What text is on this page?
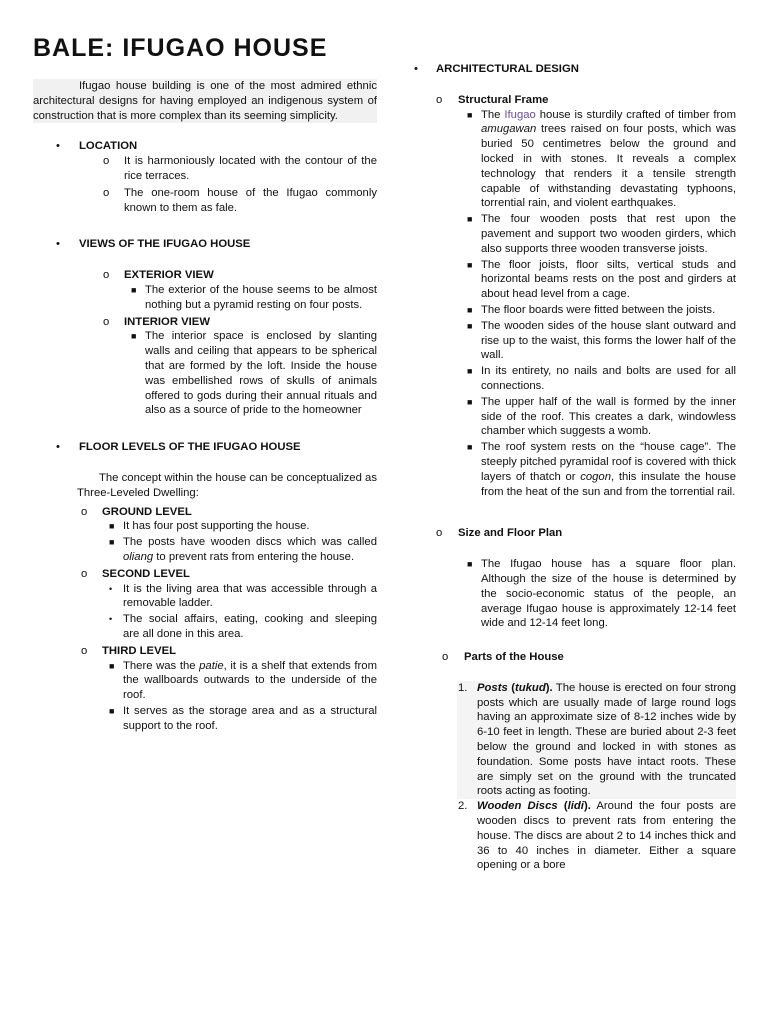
BALE: IFUGAO HOUSE

Ifugao house building is one of the most admired ethnic architectural designs for having employed an indigenous system of construction that is more complex than its seeming simplicity.

• LOCATION
o It is harmoniously located with the contour of the rice terraces.
o The one-room house of the Ifugao commonly known to them as fale.
• VIEWS OF THE IFUGAO HOUSE
o EXTERIOR VIEW
■ The exterior of the house seems to be almost nothing but a pyramid resting on four posts.
o INTERIOR VIEW
■ The interior space is enclosed by slanting walls and ceiling that appears to be spherical that are formed by the loft. Inside the house was embellished rows of skulls of animals offered to gods during their annual rituals and also as a source of pride to the homeowner
• FLOOR LEVELS OF THE IFUGAO HOUSE

The concept within the house can be conceptualized as Three-Leveled Dwelling:

o GROUND LEVEL
■ It has four post supporting the house.
■ The posts have wooden discs which was called oliang to prevent rats from entering the house.
o SECOND LEVEL
• It is the living area that was accessible through a removable ladder.
• The social affairs, eating, cooking and sleeping are all done in this area.
o THIRD LEVEL
■ There was the patie, it is a shelf that extends from the wallboards outwards to the underside of the roof.
■ It serves as the storage area and as a structural support to the roof.
• ARCHITECTURAL DESIGN
o Structural Frame
■ The Ifugao house is sturdily crafted of timber from amugawan trees raised on four posts, which was buried 50 centimetres below the ground and locked in with stones. It reveals a complex technology that renders it a tensile strength capable of withstanding devastating typhoons, torrential rain, and violent earthquakes.
■ The four wooden posts that rest upon the pavement and support two wooden girders, which also supports three wooden transverse joists.
■ The floor joists, floor silts, vertical studs and horizontal beams rests on the post and girders at about head level from a cage.
■ The floor boards were fitted between the joists.
■ The wooden sides of the house slant outward and rise up to the waist, this forms the lower half of the wall.
■ In its entirety, no nails and bolts are used for all connections.
■ The upper half of the wall is formed by the inner side of the roof. This creates a dark, windowless chamber which suggests a womb.
■ The roof system rests on the “house cage”. The steeply pitched pyramidal roof is covered with thick layers of thatch or cogon, this insulate the house from the heat of the sun and from the torrential rail.
o Size and Floor Plan
■ The Ifugao house has a square floor plan. Although the size of the house is determined by the socio-economic status of the people, an average Ifugao house is approximately 12-14 feet wide and 12-14 feet long.
o Parts of the House
1. Posts (tukud). The house is erected on four strong posts which are usually made of large round logs having an approximate size of 8-12 inches wide by 6-10 feet in length. These are buried about 2-3 feet below the ground and locked in with stones as foundation. Some posts have intact roots. These are simply set on the ground with the truncated roots acting as footing.
2. Wooden Discs (lidi). Around the four posts are wooden discs to prevent rats from entering the house. The discs are about 2 to 14 inches thick and 36 to 40 inches in diameter. Either a square opening or a bore
